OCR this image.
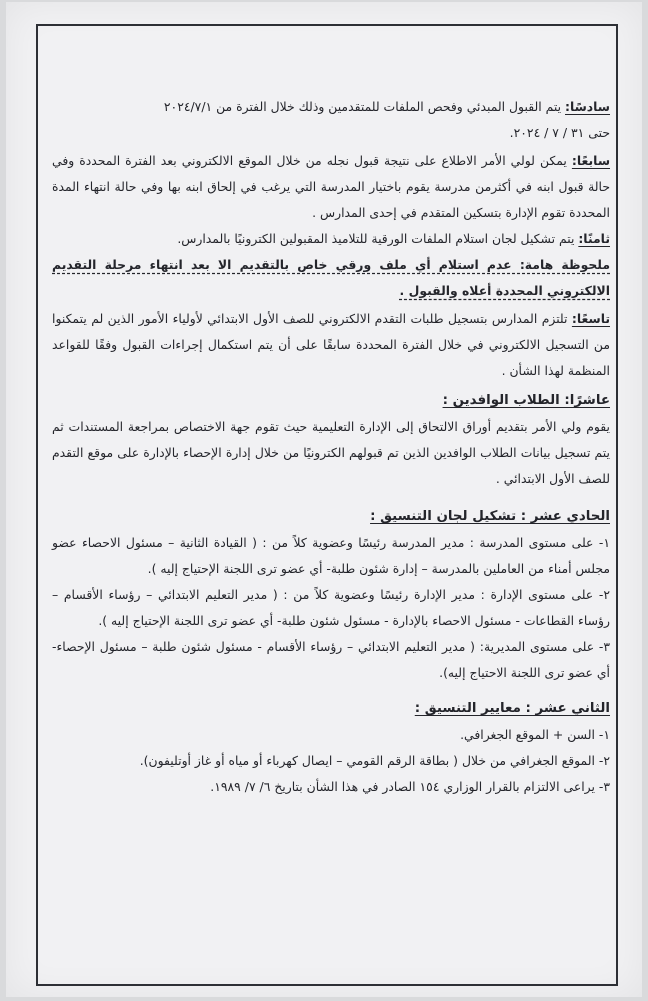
سادسًا: يتم القبول المبدئي وفحص الملفات للمتقدمين وذلك خلال الفترة من ٢٠٢٤/٧/١
حتى ٣١ / ٧ / ٢٠٢٤.

سابعًا: يمكن لولي الأمر الاطلاع على نتيجة قبول نجله من خلال الموقع الالكتروني بعد الفترة المحددة وفي حالة قبول ابنه في أكثرمن مدرسة يقوم باختيار المدرسة التي يرغب في إلحاق ابنه بها وفي حالة انتهاء المدة المحددة تقوم الإدارة بتسكين المتقدم في إحدى المدارس .

ثامنًا: يتم تشكيل لجان استلام الملفات الورقية للتلاميذ المقبولين الكترونيًا بالمدارس.

ملحوظة هامة: عدم استلام أي ملف ورقي خاص بالتقديم الا بعد انتهاء مرحلة التقديم الالكتروني المحددة أعلاه والقبول .

تاسعًا: تلتزم المدارس بتسجيل طلبات التقدم الالكتروني للصف الأول الابتدائي لأولياء الأمور الذين لم يتمكنوا من التسجيل الالكتروني في خلال الفترة المحددة سابقًا على أن يتم استكمال إجراءات القبول وفقًا للقواعد المنظمة لهذا الشأن .

عاشرًا: الطلاب الوافدين :
يقوم ولي الأمر بتقديم أوراق الالتحاق إلى الإدارة التعليمية حيث تقوم جهة الاختصاص بمراجعة المستندات ثم يتم تسجيل بيانات الطلاب الوافدين الذين تم قبولهم الكترونيًا من خلال إدارة الإحصاء بالإدارة على موقع التقدم للصف الأول الابتدائي .

الحادي عشر : تشكيل لجان التنسيق :

١- على مستوى المدرسة : مدير المدرسة رئيسًا وعضوية كلاً من : ( القيادة الثانية – مسئول الاحصاء عضو مجلس أمناء من العاملين بالمدرسة – إدارة شئون طلبة- أي عضو ترى اللجنة الإحتياج إليه ).

٢- على مستوى الإدارة : مدير الإدارة رئيسًا وعضوية كلاً من : ( مدير التعليم الابتدائي – رؤساء الأقسام – رؤساء القطاعات - مسئول الاحصاء بالإدارة - مسئول شئون طلبة- أي عضو ترى اللجنة الإحتياج إليه ).

٣- على مستوى المديرية: ( مدير التعليم الابتدائي – رؤساء الأقسام - مسئول شئون طلبة – مسئول الإحصاء- أي عضو ترى اللجنة الاحتياج إليه).

الثاني عشر : معايير التنسيق :

١- السن + الموقع الجغرافي.

٢- الموقع الجغرافي من خلال ( بطاقة الرقم القومي – ايصال كهرباء أو مياه أو غاز أوتليفون).

٣- يراعى الالتزام بالقرار الوزاري ١٥٤ الصادر في هذا الشأن بتاريخ ٦/ ٧/ ١٩٨٩.
